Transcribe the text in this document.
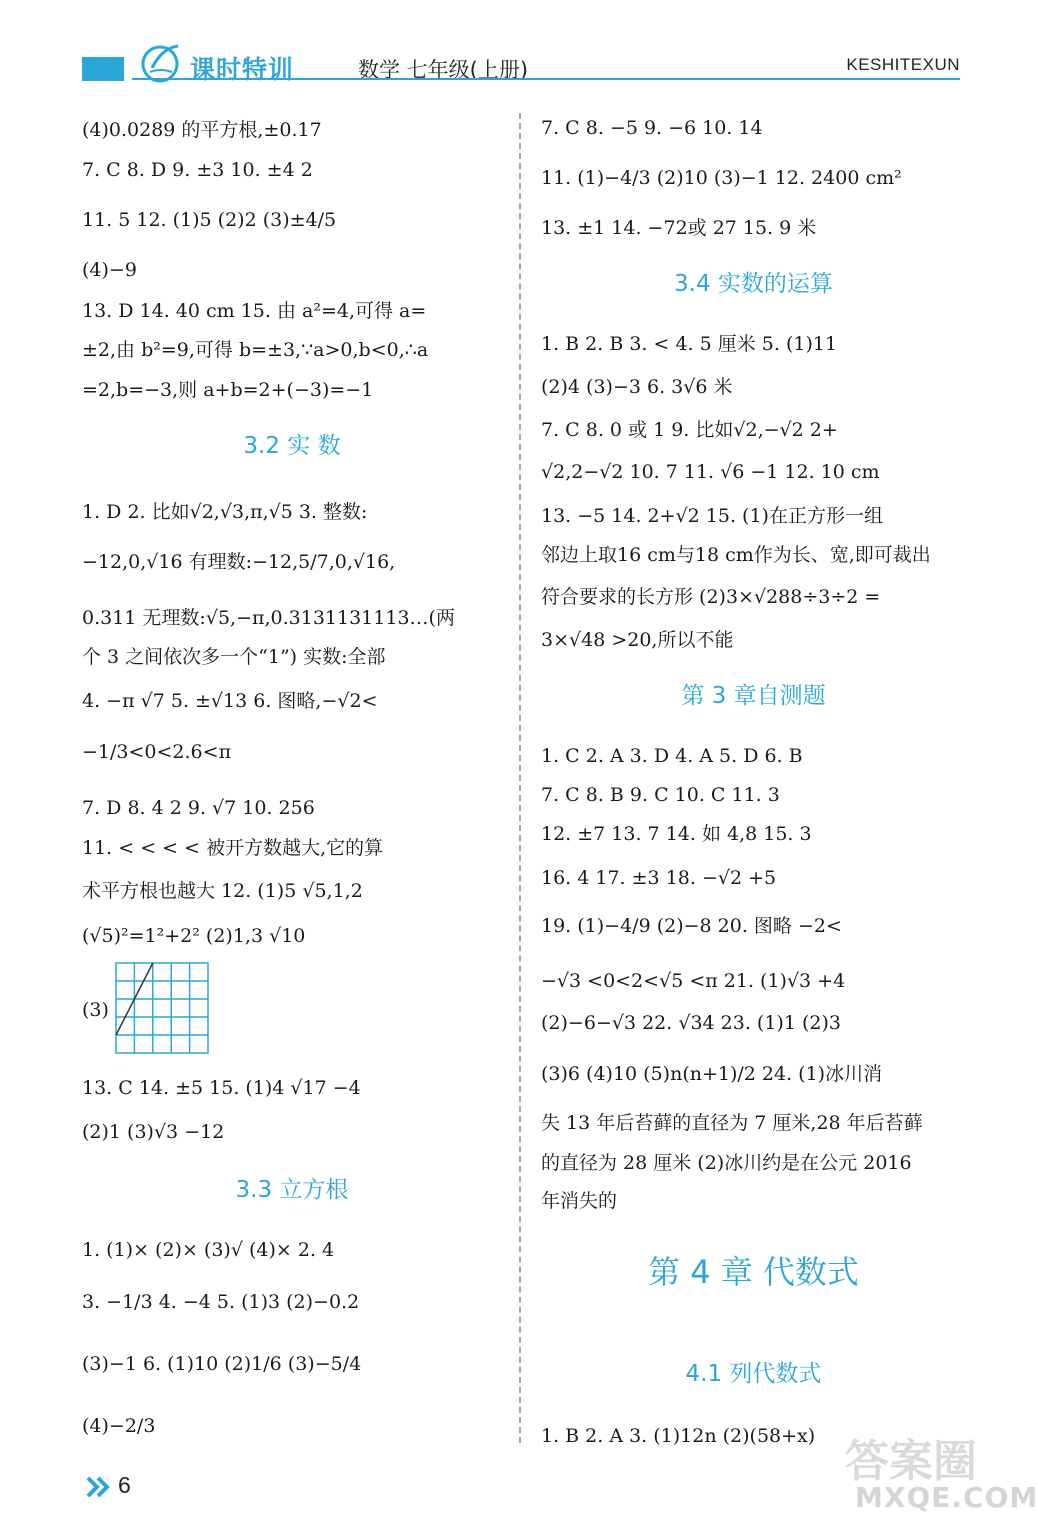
课时特训	数学 七年级(上册)	KESHITEXUN
(4)0.0289 的平方根,±0.17
7. C 8. D 9. ±3 10. ±4 2
11. 5 12. (1)5 (2)2 (3)±4/5
(4)−9
13. D 14. 40 cm 15. 由 a²=4,可得 a=
±2,由 b²=9,可得 b=±3,∵a>0,b<0,∴a
=2,b=−3,则 a+b=2+(−3)=−1
3.2 实 数
1. D 2. 比如√2,√3,π,√5 3. 整数:
−12,0,√16 有理数:−12,5/7,0,√16,
0.311 无理数:√5,−π,0.3131131113…(两
个 3 之间依次多一个“1”) 实数:全部
4. −π √7 5. ±√13 6. 图略,−√2<
−1/3<0<2.6<π
7. D 8. 4 2 9. √7 10. 256
11. < < < < 被开方数越大,它的算
术平方根也越大 12. (1)5 √5,1,2
(√5)²=1²+2² (2)1,3 √10
(3)
13. C 14. ±5 15. (1)4 √17 −4
(2)1 (3)√3 −12
3.3 立方根
1. (1)× (2)× (3)√ (4)× 2. 4
3. −1/3 4. −4 5. (1)3 (2)−0.2
(3)−1 6. (1)10 (2)1/6 (3)−5/4
(4)−2/3
7. C 8. −5 9. −6 10. 14
11. (1)−4/3 (2)10 (3)−1 12. 2400 cm²
13. ±1 14. −72或 27 15. 9 米
3.4 实数的运算
1. B 2. B 3. < 4. 5 厘米 5. (1)11
(2)4 (3)−3 6. 3√6 米
7. C 8. 0 或 1 9. 比如√2,−√2 2+
√2,2−√2 10. 7 11. √6 −1 12. 10 cm
13. −5 14. 2+√2 15. (1)在正方形一组
邻边上取16 cm与18 cm作为长、宽,即可裁出
符合要求的长方形 (2)3×√288÷3÷2 =
3×√48 >20,所以不能
第 3 章自测题
1. C 2. A 3. D 4. A 5. D 6. B
7. C 8. B 9. C 10. C 11. 3
12. ±7 13. 7 14. 如 4,8 15. 3
16. 4 17. ±3 18. −√2 +5
19. (1)−4/9 (2)−8 20. 图略 −2<
−√3 <0<2<√5 <π 21. (1)√3 +4
(2)−6−√3 22. √34 23. (1)1 (2)3
(3)6 (4)10 (5)n(n+1)/2 24. (1)冰川消
失 13 年后苔藓的直径为 7 厘米,28 年后苔藓
的直径为 28 厘米 (2)冰川约是在公元 2016
年消失的
第 4 章 代数式
4.1 列代数式
1. B 2. A 3. (1)12n (2)(58+x)
6	答案圈
MXQE.COM
